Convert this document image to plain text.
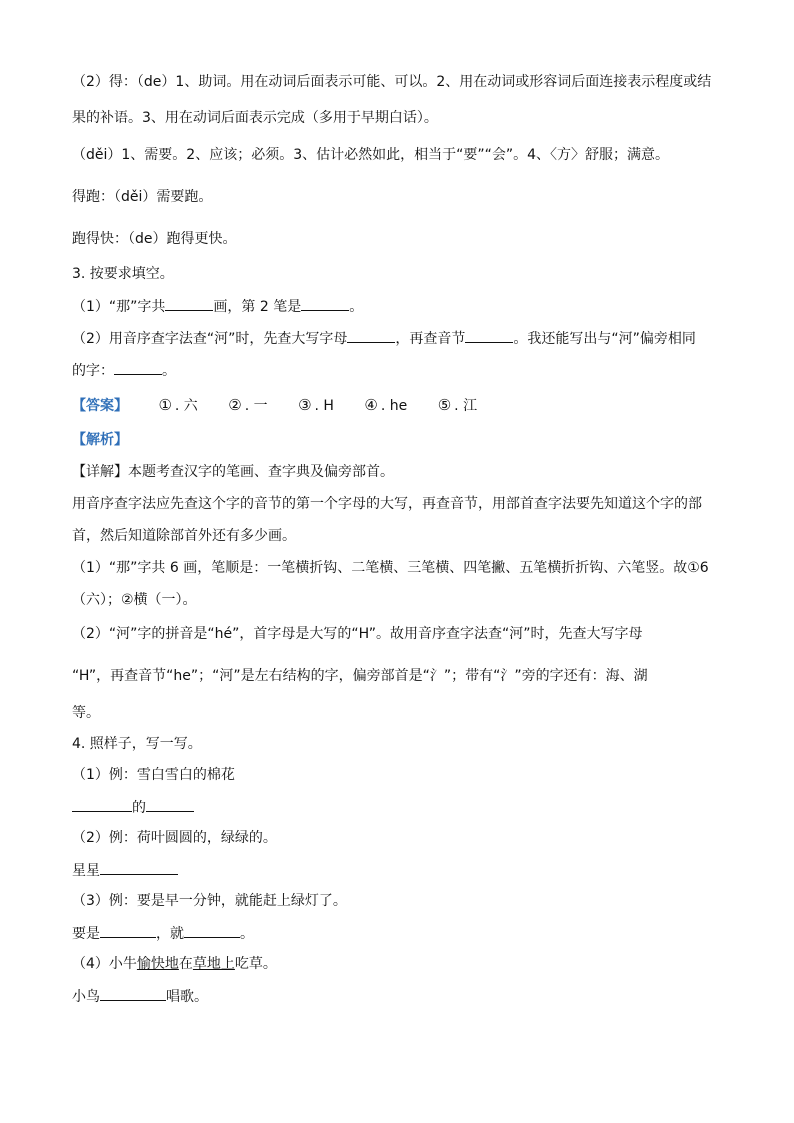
（2）得：（de）1、助词。用在动词后面表示可能、可以。2、用在动词或形容词后面连接表示程度或结
果的补语。3、用在动词后面表示完成（多用于早期白话）。
（děi）1、需要。2、应该；必须。3、估计必然如此，相当于“要”“会”。4、〈方〉舒服；满意。
得跑：（děi）需要跑。
跑得快：（de）跑得更快。
3. 按要求填空。
（1）“那”字共	画，第 2 笔是	。
（2）用音序查字法查“河”时，先查大写字母	，再查音节	。我还能写出与“河”偏旁相同
的字：	。
【答案】 ① . 六 ② . 一 ③ . H ④ . he ⑤ . 江
【解析】
【详解】本题考查汉字的笔画、查字典及偏旁部首。
用音序查字法应先查这个字的音节的第一个字母的大写，再查音节，用部首查字法要先知道这个字的部
首，然后知道除部首外还有多少画。
（1）“那”字共 6 画，笔顺是：一笔横折钩、二笔横、三笔横、四笔撇、五笔横折折钩、六笔竖。故①6
（六）；②横（一）。
（2）“河”字的拼音是“hé”，首字母是大写的“H”。故用音序查字法查“河”时，先查大写字母
“H”，再查音节“he”；“河”是左右结构的字，偏旁部首是“氵”；带有“氵”旁的字还有：海、湖
等。
4. 照样子，写一写。
（1）例：雪白雪白的棉花
的
（2）例：荷叶圆圆的，绿绿的。
星星
（3）例：要是早一分钟，就能赶上绿灯了。
要是	，就	。
（4）小牛愉快地在草地上吃草。
小鸟	唱歌。
